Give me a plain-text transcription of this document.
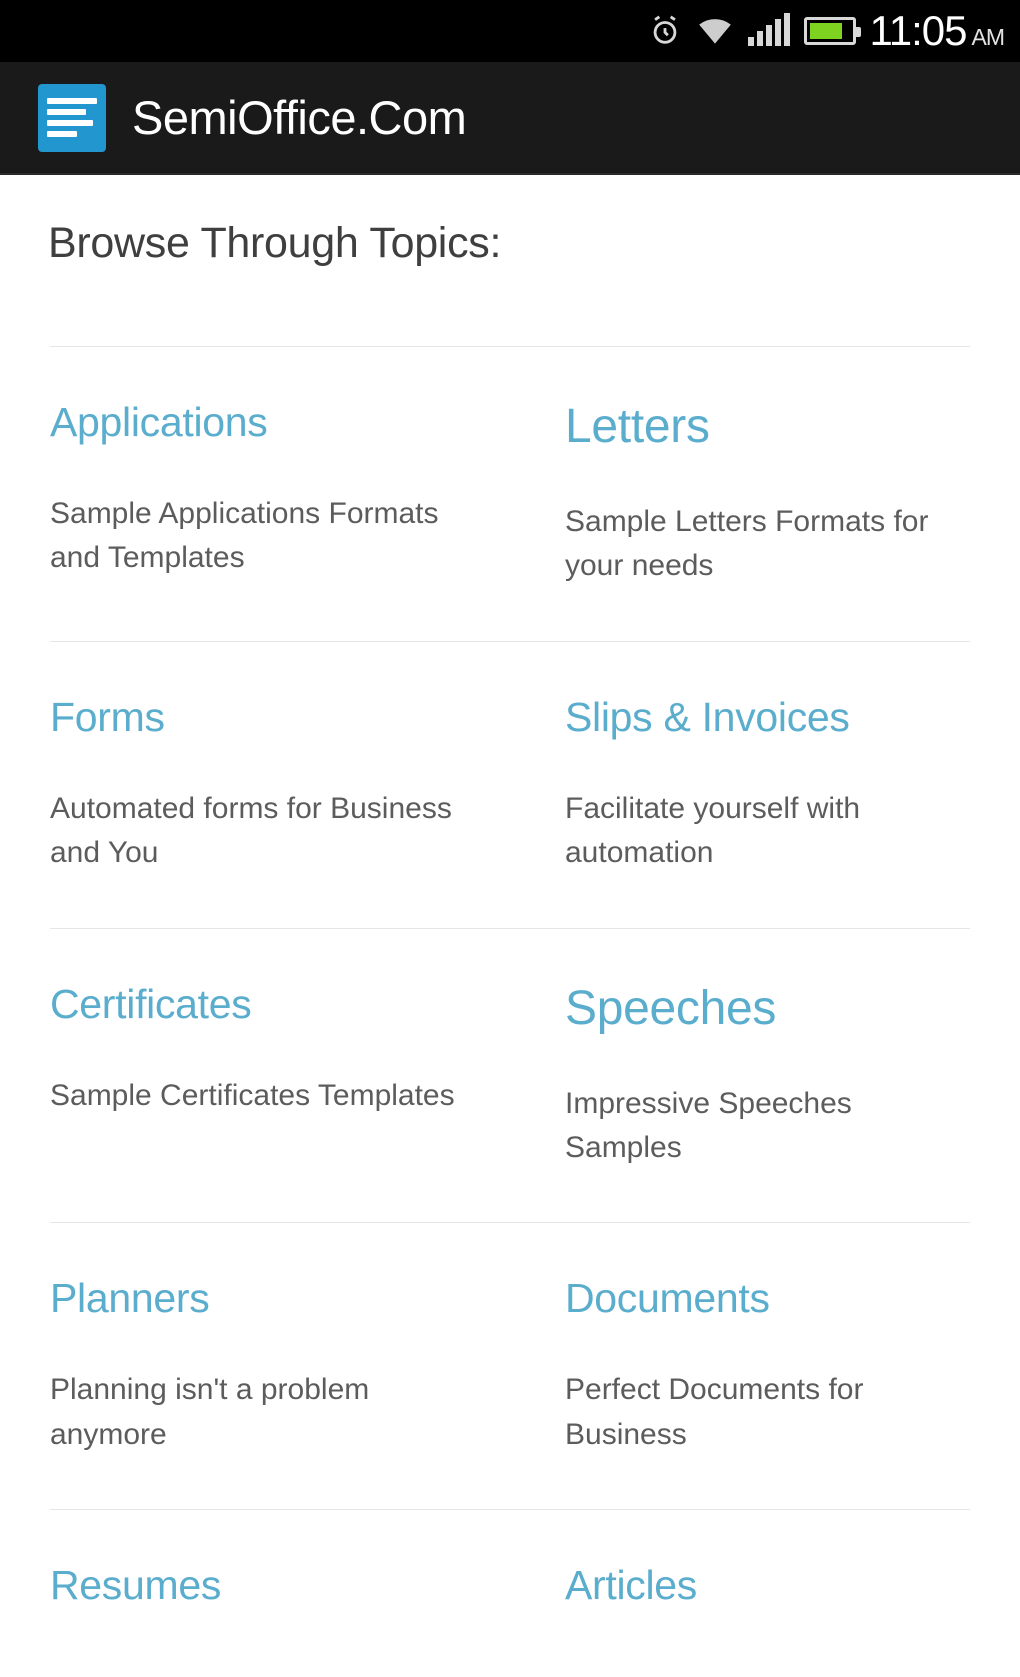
11:05 AM
SemiOffice.Com
Browse Through Topics:
Applications
Sample Applications Formats and Templates
Letters
Sample Letters Formats for your needs
Forms
Automated forms for Business and You
Slips & Invoices
Facilitate yourself with automation
Certificates
Sample Certificates Templates
Speeches
Impressive Speeches Samples
Planners
Planning isn't a problem anymore
Documents
Perfect Documents for Business
Resumes	Articles
